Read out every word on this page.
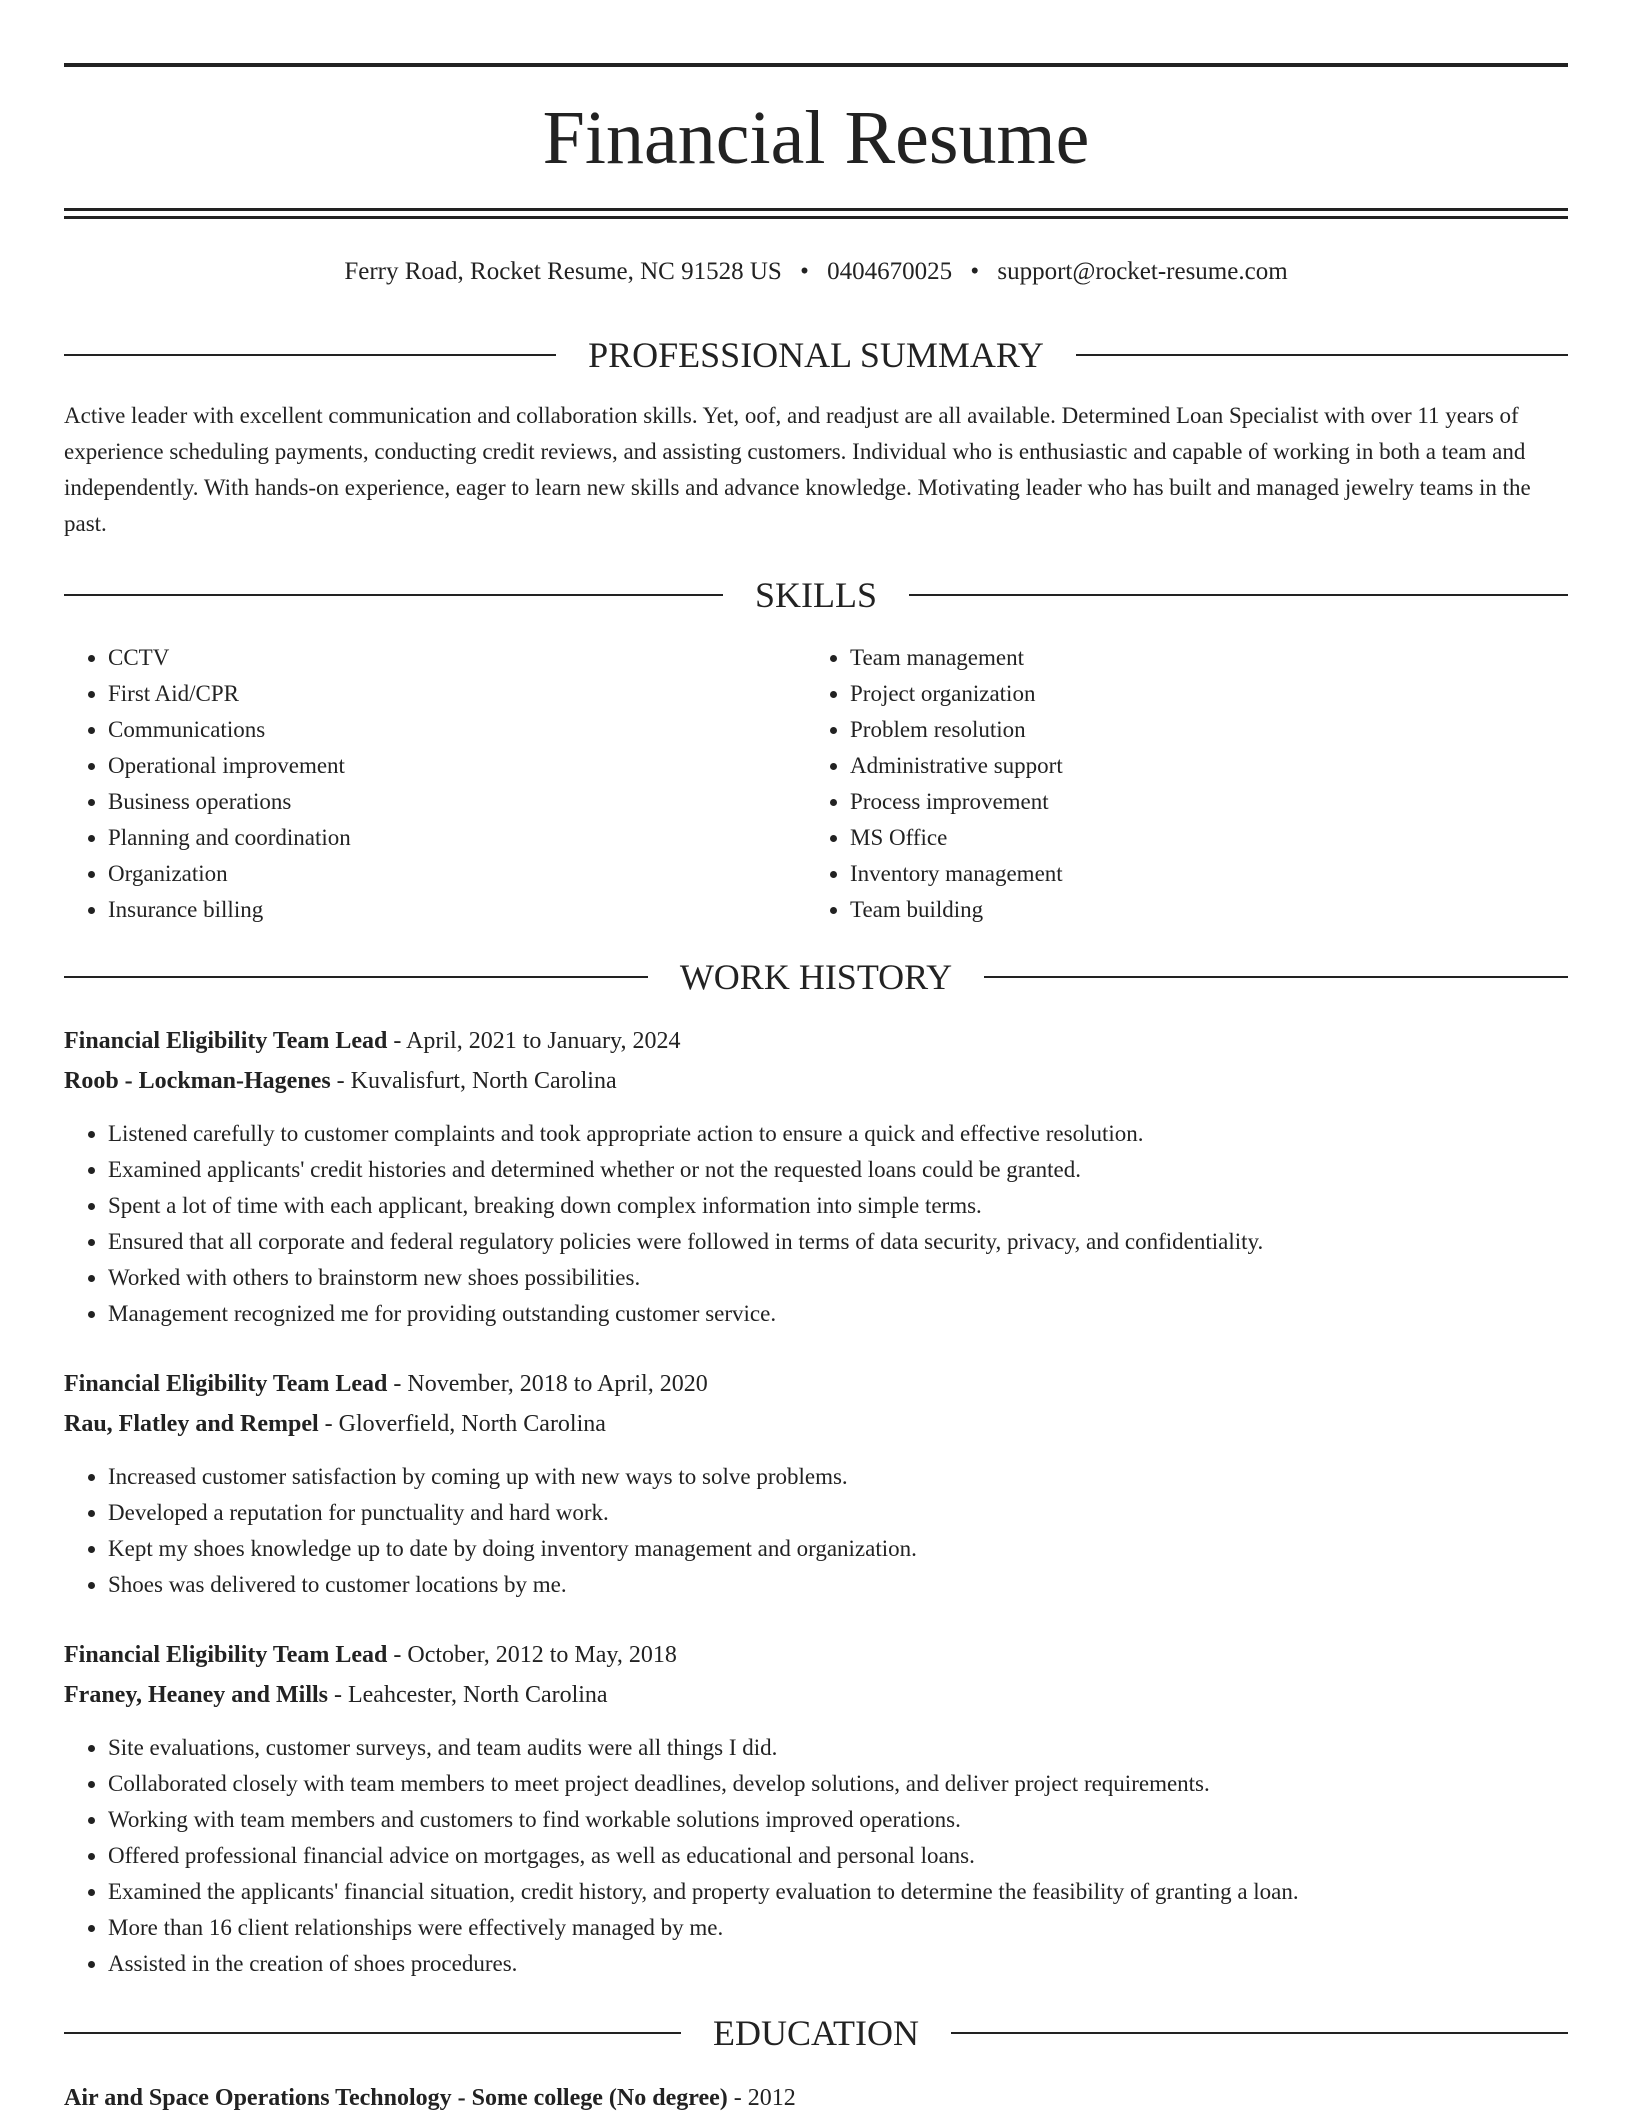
Financial Resume
Ferry Road, Rocket Resume, NC 91528 US • 0404670025 • support@rocket-resume.com
PROFESSIONAL SUMMARY

Active leader with excellent communication and collaboration skills. Yet, oof, and readjust are all available. Determined Loan Specialist with over 11 years of experience scheduling payments, conducting credit reviews, and assisting customers. Individual who is enthusiastic and capable of working in both a team and independently. With hands-on experience, eager to learn new skills and advance knowledge. Motivating leader who has built and managed jewelry teams in the past.

SKILLS
• CCTV
• First Aid/CPR
• Communications
• Operational improvement
• Business operations
• Planning and coordination
• Organization
• Insurance billing
• Team management
• Project organization
• Problem resolution
• Administrative support
• Process improvement
• MS Office
• Inventory management
• Team building
WORK HISTORY
Financial Eligibility Team Lead - April, 2021 to January, 2024
Roob - Lockman-Hagenes - Kuvalisfurt, North Carolina
• Listened carefully to customer complaints and took appropriate action to ensure a quick and effective resolution.
• Examined applicants' credit histories and determined whether or not the requested loans could be granted.
• Spent a lot of time with each applicant, breaking down complex information into simple terms.
• Ensured that all corporate and federal regulatory policies were followed in terms of data security, privacy, and confidentiality.
• Worked with others to brainstorm new shoes possibilities.
• Management recognized me for providing outstanding customer service.
Financial Eligibility Team Lead - November, 2018 to April, 2020
Rau, Flatley and Rempel - Gloverfield, North Carolina
• Increased customer satisfaction by coming up with new ways to solve problems.
• Developed a reputation for punctuality and hard work.
• Kept my shoes knowledge up to date by doing inventory management and organization.
• Shoes was delivered to customer locations by me.
Financial Eligibility Team Lead - October, 2012 to May, 2018
Franey, Heaney and Mills - Leahcester, North Carolina
• Site evaluations, customer surveys, and team audits were all things I did.
• Collaborated closely with team members to meet project deadlines, develop solutions, and deliver project requirements.
• Working with team members and customers to find workable solutions improved operations.
• Offered professional financial advice on mortgages, as well as educational and personal loans.
• Examined the applicants' financial situation, credit history, and property evaluation to determine the feasibility of granting a loan.
• More than 16 client relationships were effectively managed by me.
• Assisted in the creation of shoes procedures.
EDUCATION
Air and Space Operations Technology - Some college (No degree) - 2012
